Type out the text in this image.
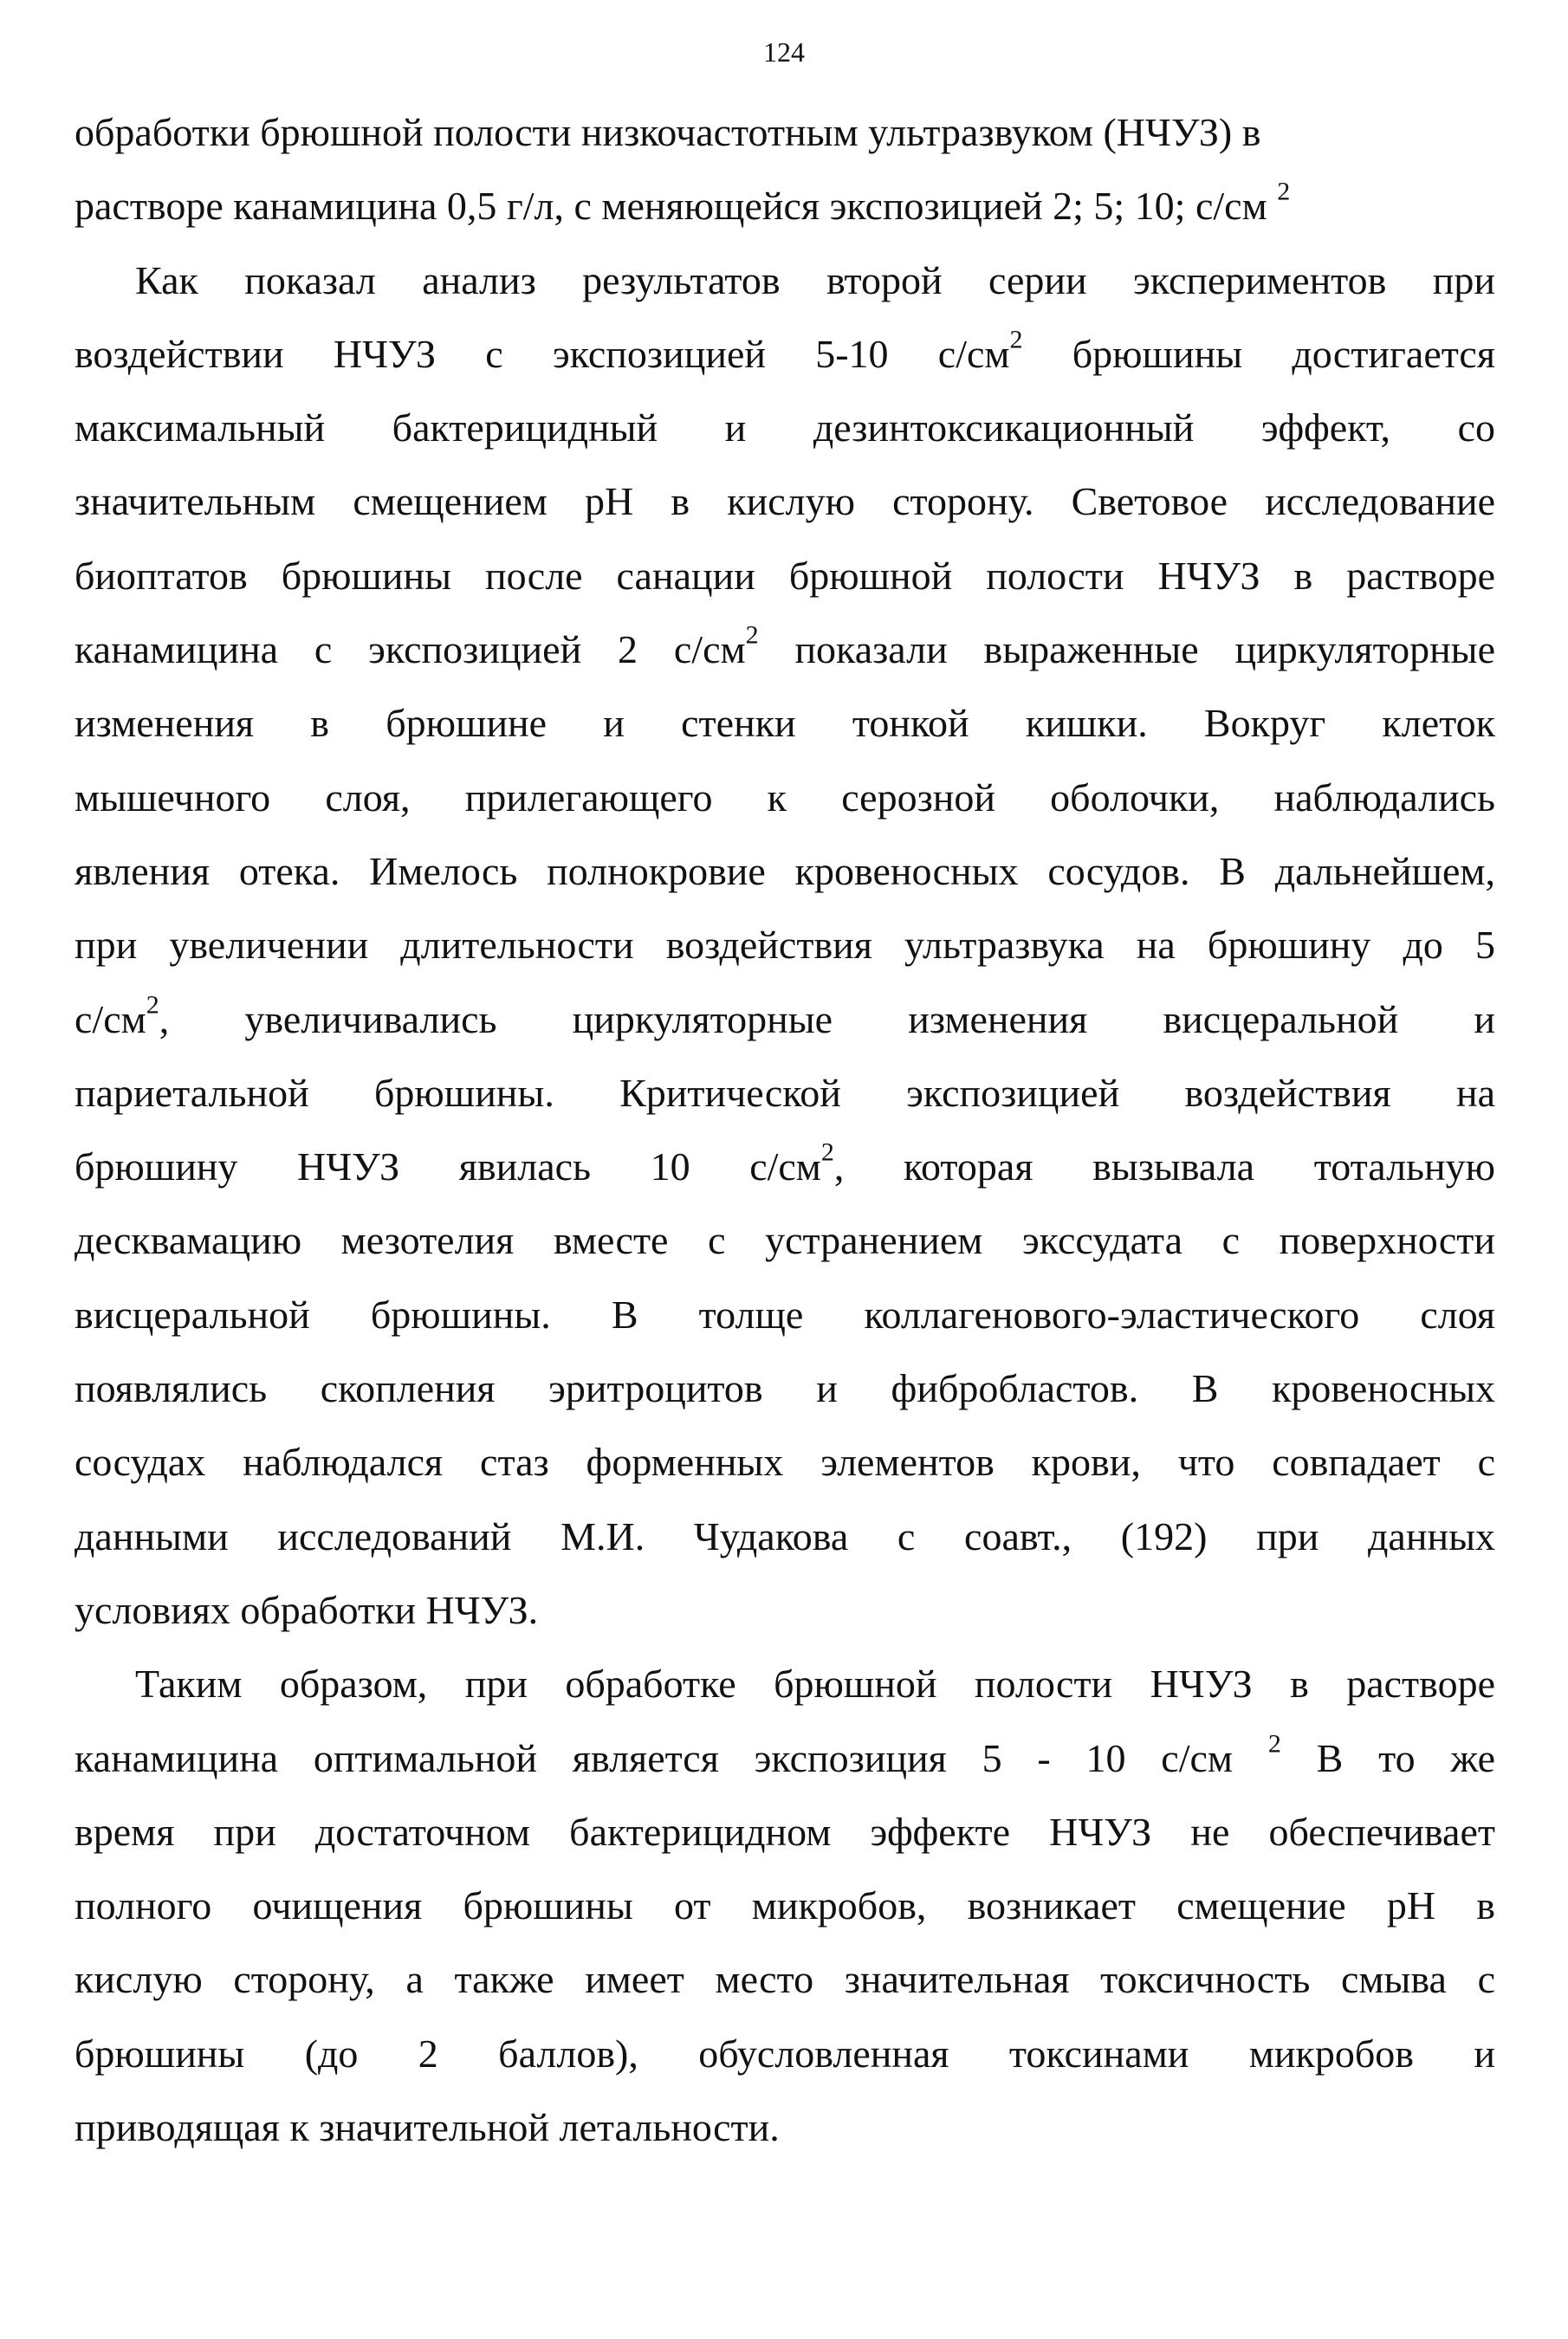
124
обработки брюшной полости низкочастотным ультразвуком (НЧУЗ) в
растворе канамицина 0,5 г/л, с меняющейся экспозицией 2; 5; 10; с/см $^2$
Как показал анализ результатов второй серии экспериментов при
воздействии НЧУЗ с экспозицией 5-10 $с/см^2$ брюшины достигается
максимальный бактерицидный и дезинтоксикационный эффект, со
значительным смещением рН в кислую сторону. Световое исследование
биоптатов брюшины после санации брюшной полости НЧУЗ в растворе
канамицина с экспозицией 2 $с/см^2$ показали выраженные циркуляторные
изменения в брюшине и стенки тонкой кишки. Вокруг клеток
мышечного слоя, прилегающего к серозной оболочки, наблюдались
явления отека. Имелось полнокровие кровеносных сосудов. В дальнейшем,
при увеличении длительности воздействия ультразвука на брюшину до 5
$с/см^2$, увеличивались циркуляторные изменения висцеральной и
париетальной брюшины. Критической экспозицией воздействия на
брюшину НЧУЗ явилась 10 $с/см^2$, которая вызывала тотальную
десквамацию мезотелия вместе с устранением экссудата с поверхности
висцеральной брюшины. В толще коллагенового-эластического слоя
появлялись скопления эритроцитов и фибробластов. В кровеносных
сосудах наблюдался стаз форменных элементов крови, что совпадает с
данными исследований М.И. Чудакова с соавт., (192) при данных
условиях обработки НЧУЗ.
Таким образом, при обработке брюшной полости НЧУЗ в растворе
канамицина оптимальной является экспозиция 5 - 10 с/см $^2$ В то же
время при достаточном бактерицидном эффекте НЧУЗ не обеспечивает
полного очищения брюшины от микробов, возникает смещение рН в
кислую сторону, а также имеет место значительная токсичность смыва с
брюшины (до 2 баллов), обусловленная токсинами микробов и
приводящая к значительной летальности.
